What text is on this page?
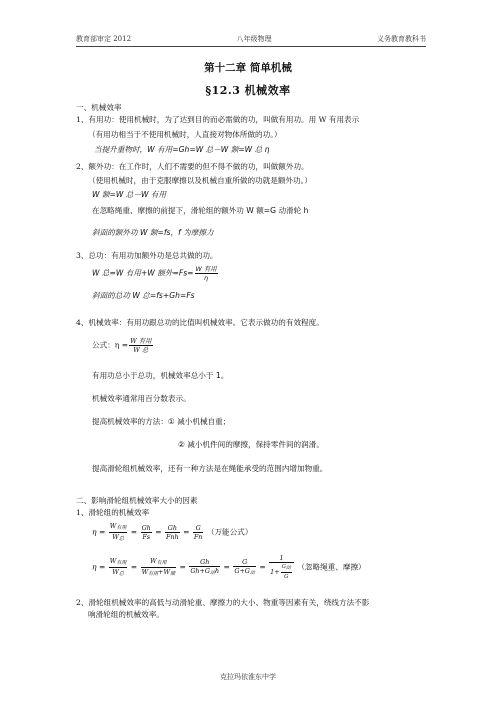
教育部审定 2012	八年级物理	义务教育教科书
第十二章 简单机械
§12.3 机械效率
一、机械效率
1、有用功：使用机械时，为了达到目的而必需做的功，叫做有用功。用 W 有用表示
（有用功相当于不使用机械时，人直接对物体所做的功。）
当提升重物时，W 有用=Gh=W 总－W 额=W 总 η
2、额外功：在工作时，人们不需要的但不得不做的功，叫做额外功。
（使用机械时，由于克服摩擦以及机械自重所做的功就是额外功。）
W 额=W 总－W 有用
在忽略绳重、摩擦的前提下，滑轮组的额外功 W 额=G 动滑轮 h
斜面的额外功 W 额=fs，f 为摩擦力
3、总功：有用功加额外功是总共做的功。
W 总=W 有用+W 额外$=Fs= \frac{\text{W 有用}}{\eta}$
斜面的总功 W 总=fs+Gh=Fs
4、机械效率：有用功跟总功的比值叫机械效率。它表示做功的有效程度。
公式：$\eta = \frac{\text{W 有用}}{\text{W 总}}$
有用功总小于总功，机械效率总小于 1。
机械效率通常用百分数表示。
提高机械效率的方法：① 减小机械自重；
② 减小机件间的摩擦，保持零件间的润滑。
提高滑轮组机械效率，还有一种方法是在绳能承受的范围内增加物重。
二、影响滑轮组机械效率大小的因素
1、滑轮组的机械效率
$\eta = \frac{W_{有用}}{W_总} = \frac{Gh}{Fs} = \frac{Gh}{\text{Fnh}} = \frac{G}{Fn}$ （万能公式）
$\eta = \frac{W_{有用}}{W_总} = \frac{W_{有用}}{W_{有用}+W_额} = \frac{Gh}{Gh+G_动h} = \frac{G}{G+G_动} = \frac{1}{1+ \frac{G_动}{G}}$ （忽略绳重、摩擦）
2、滑轮组机械效率的高低与动滑轮重、摩擦力的大小、物重等因素有关，绕线方法不影
响滑轮组的机械效率。
克拉玛依淮东中学
